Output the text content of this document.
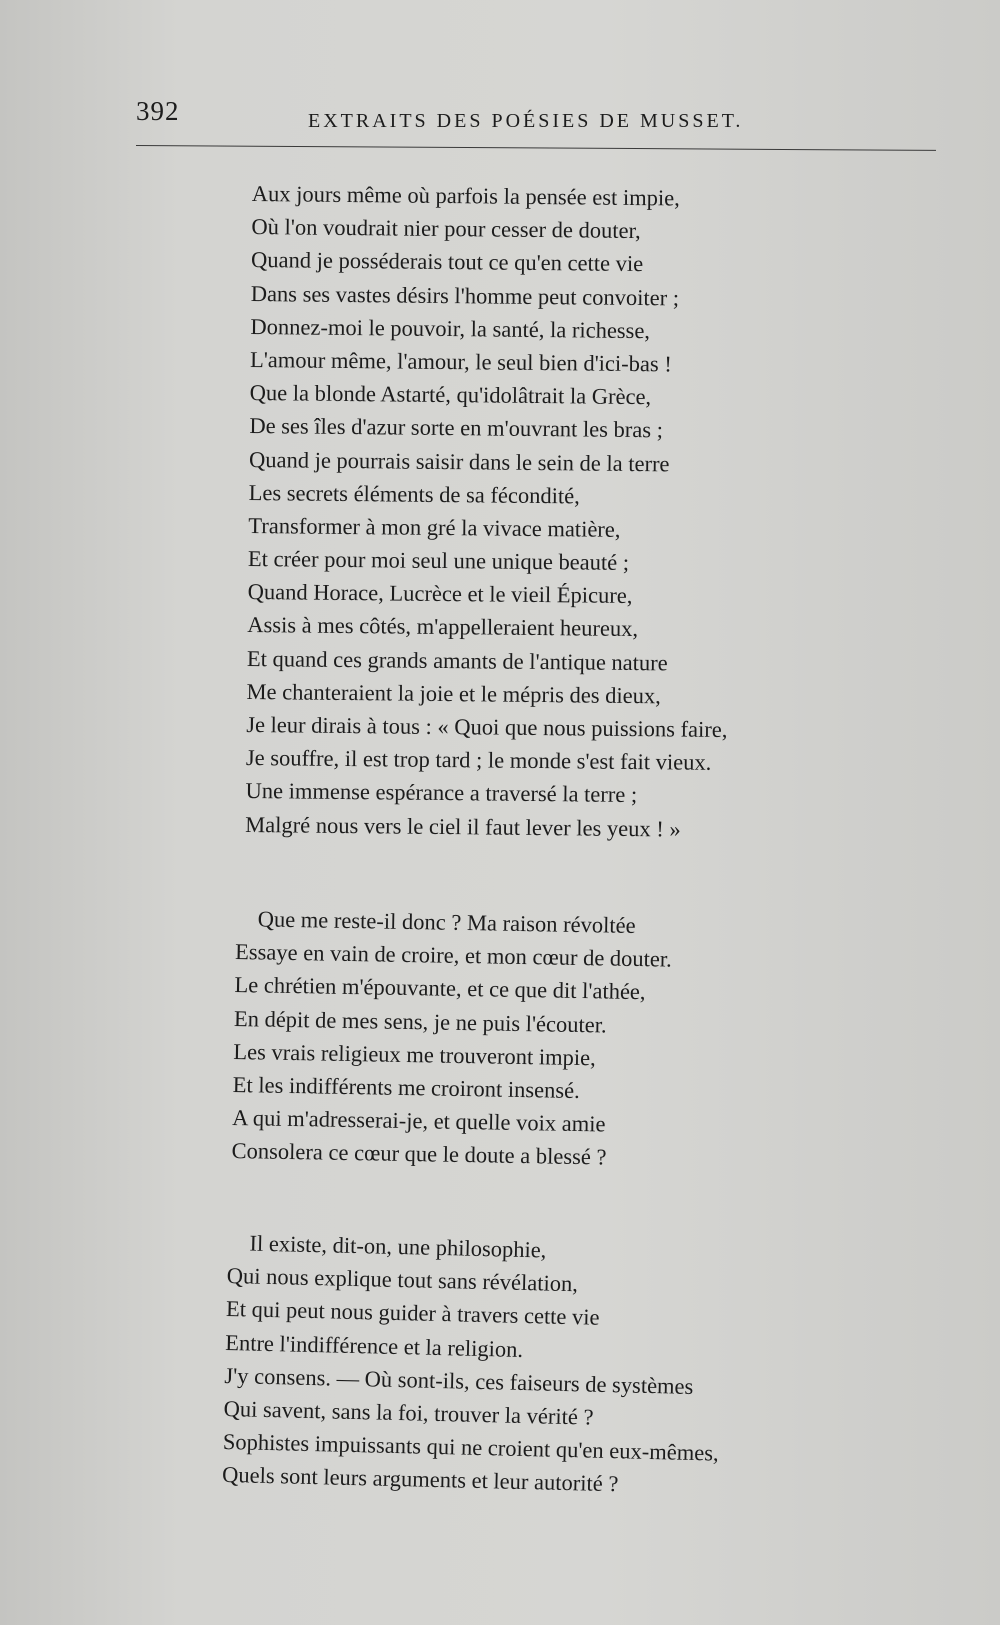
392	EXTRAITS DES POÉSIES DE MUSSET.
Aux jours même où parfois la pensée est impie,
Où l'on voudrait nier pour cesser de douter,
Quand je posséderais tout ce qu'en cette vie
Dans ses vastes désirs l'homme peut convoiter ;
Donnez-moi le pouvoir, la santé, la richesse,
L'amour même, l'amour, le seul bien d'ici-bas !
Que la blonde Astarté, qu'idolâtrait la Grèce,
De ses îles d'azur sorte en m'ouvrant les bras ;
Quand je pourrais saisir dans le sein de la terre
Les secrets éléments de sa fécondité,
Transformer à mon gré la vivace matière,
Et créer pour moi seul une unique beauté ;
Quand Horace, Lucrèce et le vieil Épicure,
Assis à mes côtés, m'appelleraient heureux,
Et quand ces grands amants de l'antique nature
Me chanteraient la joie et le mépris des dieux,
Je leur dirais à tous : « Quoi que nous puissions faire,
Je souffre, il est trop tard ; le monde s'est fait vieux.
Une immense espérance a traversé la terre ;
Malgré nous vers le ciel il faut lever les yeux ! »
Que me reste-il donc ? Ma raison révoltée
Essaye en vain de croire, et mon cœur de douter.
Le chrétien m'épouvante, et ce que dit l'athée,
En dépit de mes sens, je ne puis l'écouter.
Les vrais religieux me trouveront impie,
Et les indifférents me croiront insensé.
A qui m'adresserai-je, et quelle voix amie
Consolera ce cœur que le doute a blessé ?
Il existe, dit-on, une philosophie,
Qui nous explique tout sans révélation,
Et qui peut nous guider à travers cette vie
Entre l'indifférence et la religion.
J'y consens. — Où sont-ils, ces faiseurs de systèmes
Qui savent, sans la foi, trouver la vérité ?
Sophistes impuissants qui ne croient qu'en eux-mêmes,
Quels sont leurs arguments et leur autorité ?
